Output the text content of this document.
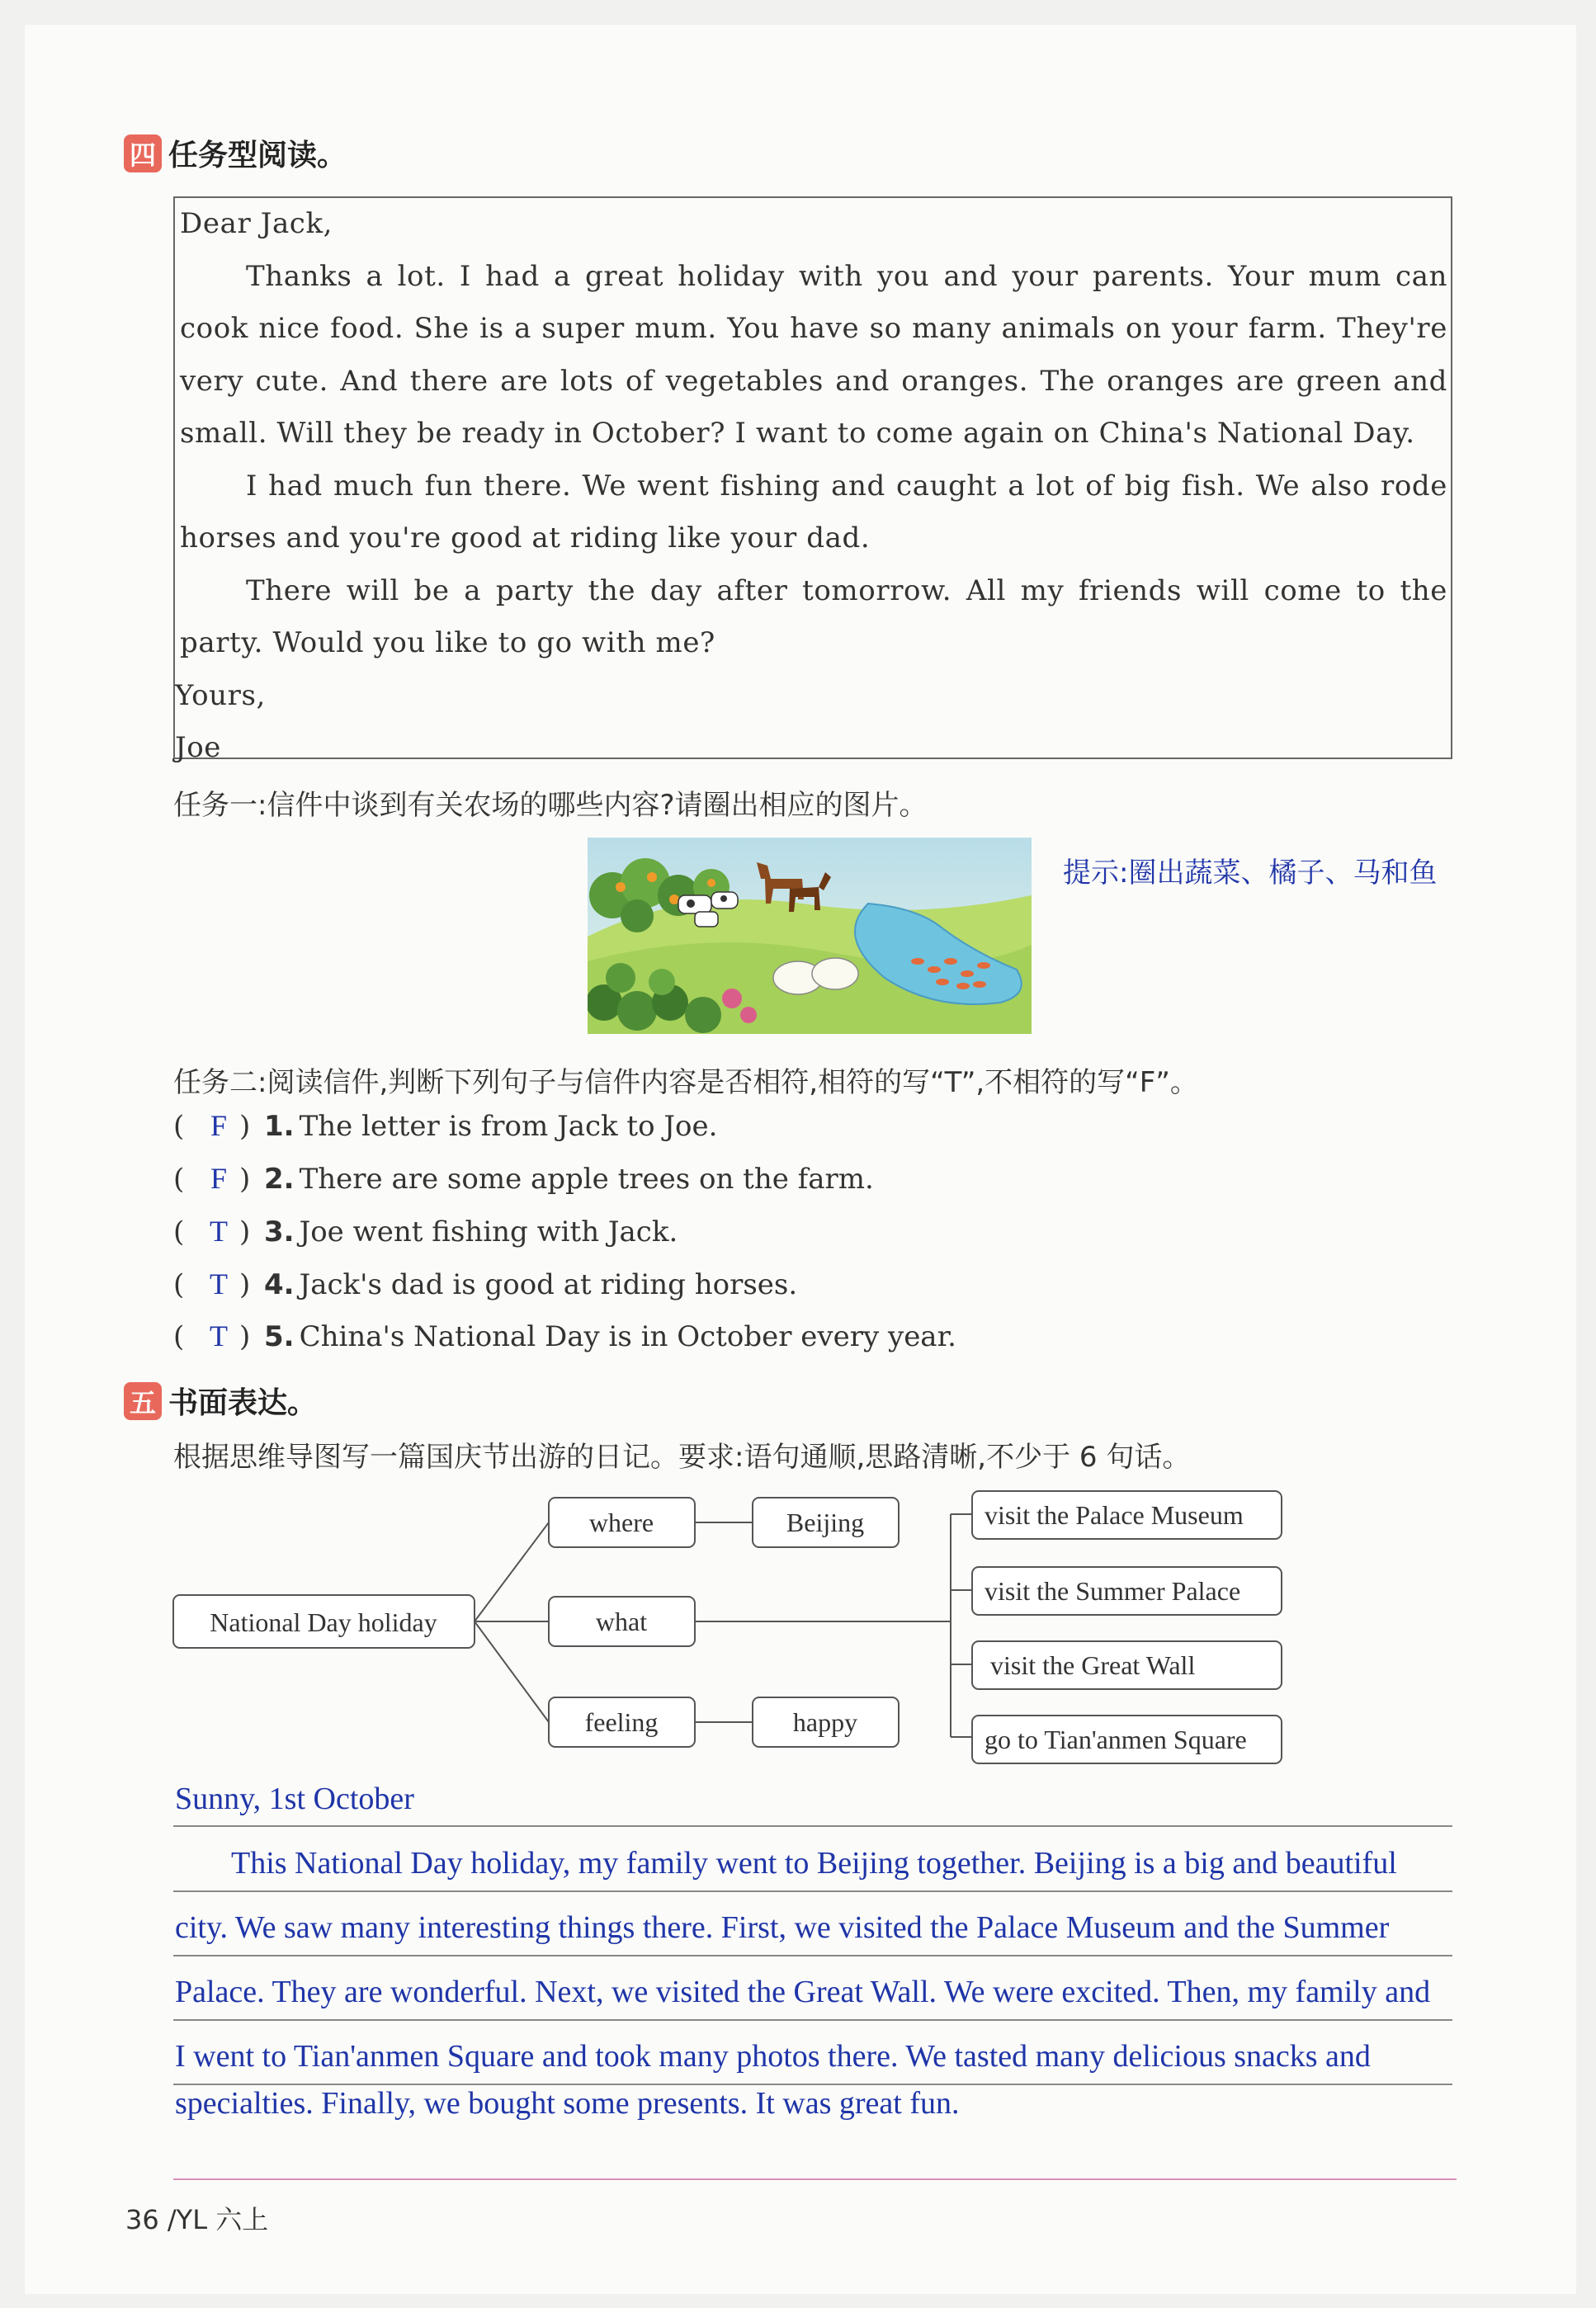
四 任务型阅读。

Dear Jack,

Thanks a lot. I had a great holiday with you and your parents. Your mum can cook nice food. She is a super mum. You have so many animals on your farm. They're very cute. And there are lots of vegetables and oranges. The oranges are green and small. Will they be ready in October? I want to come again on China's National Day.

I had much fun there. We went fishing and caught a lot of big fish. We also rode horses and you're good at riding like your dad.

There will be a party the day after tomorrow. All my friends will come to the party. Would you like to go with me?

Yours,

Joe

任务一:信件中谈到有关农场的哪些内容?请圈出相应的图片。
提示:圈出蔬菜、橘子、马和鱼
任务二:阅读信件,判断下列句子与信件内容是否相符,相符的写“T”,不相符的写“F”。
( F ) 1. The letter is from Jack to Joe.
( F ) 2. There are some apple trees on the farm.
( T ) 3. Joe went fishing with Jack.
( T ) 4. Jack's dad is good at riding horses.
( T ) 5. China's National Day is in October every year.
五 书面表达。
根据思维导图写一篇国庆节出游的日记。要求:语句通顺,思路清晰,不少于 6 句话。
National Day holiday
where
what
feeling
Beijing
happy
visit the Palace Museum
visit the Summer Palace
visit the Great Wall
go to Tian'anmen Square
Sunny, 1st October
This National Day holiday, my family went to Beijing together. Beijing is a big and beautiful
city. We saw many interesting things there. First, we visited the Palace Museum and the Summer
Palace. They are wonderful. Next, we visited the Great Wall. We were excited. Then, my family and
I went to Tian'anmen Square and took many photos there. We tasted many delicious snacks and
specialties. Finally, we bought some presents. It was great fun.
36 /YL 六上
